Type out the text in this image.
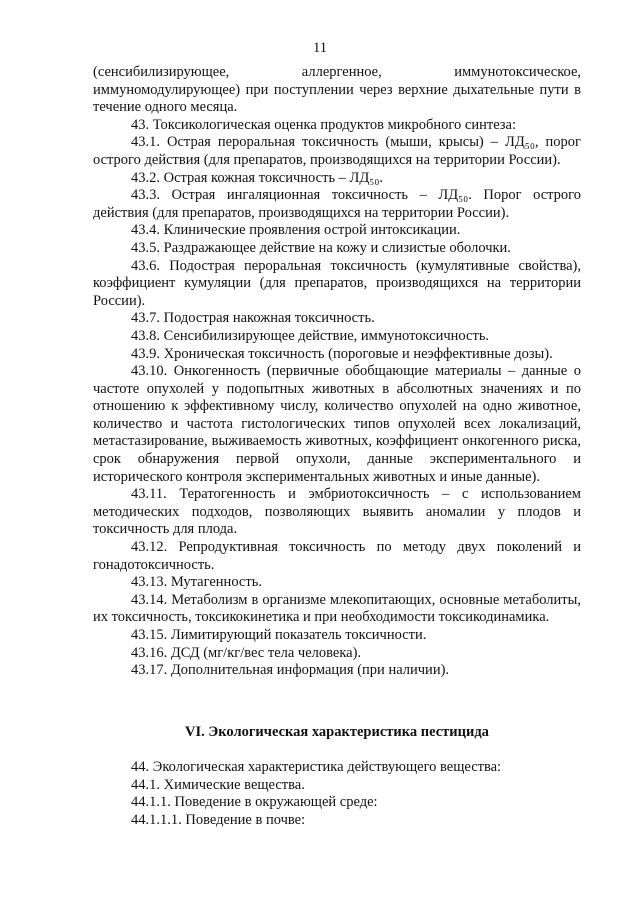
11

(сенсибилизирующее, аллергенное, иммунотоксическое, иммуномодулирующее) при поступлении через верхние дыхательные пути в течение одного месяца.

43. Токсикологическая оценка продуктов микробного синтеза:

43.1. Острая пероральная токсичность (мыши, крысы) – ЛД₅₀, порог острого действия (для препаратов, производящихся на территории России).

43.2. Острая кожная токсичность – ЛД₅₀.

43.3. Острая ингаляционная токсичность – ЛД₅₀. Порог острого действия (для препаратов, производящихся на территории России).

43.4. Клинические проявления острой интоксикации.

43.5. Раздражающее действие на кожу и слизистые оболочки.

43.6. Подострая пероральная токсичность (кумулятивные свойства), коэффициент кумуляции (для препаратов, производящихся на территории России).

43.7. Подострая накожная токсичность.

43.8. Сенсибилизирующее действие, иммунотоксичность.

43.9. Хроническая токсичность (пороговые и неэффективные дозы).

43.10. Онкогенность (первичные обобщающие материалы – данные о частоте опухолей у подопытных животных в абсолютных значениях и по отношению к эффективному числу, количество опухолей на одно животное, количество и частота гистологических типов опухолей всех локализаций, метастазирование, выживаемость животных, коэффициент онкогенного риска, срок обнаружения первой опухоли, данные экспериментального и исторического контроля экспериментальных животных и иные данные).

43.11. Тератогенность и эмбриотоксичность – с использованием методических подходов, позволяющих выявить аномалии у плодов и токсичность для плода.

43.12. Репродуктивная токсичность по методу двух поколений и гонадотоксичность.

43.13. Мутагенность.

43.14. Метаболизм в организме млекопитающих, основные метаболиты, их токсичность, токсикокинетика и при необходимости токсикодинамика.

43.15. Лимитирующий показатель токсичности.

43.16. ДСД (мг/кг/вес тела человека).

43.17. Дополнительная информация (при наличии).

VI. Экологическая характеристика пестицида

44. Экологическая характеристика действующего вещества:

44.1. Химические вещества.

44.1.1. Поведение в окружающей среде:

44.1.1.1. Поведение в почве:
